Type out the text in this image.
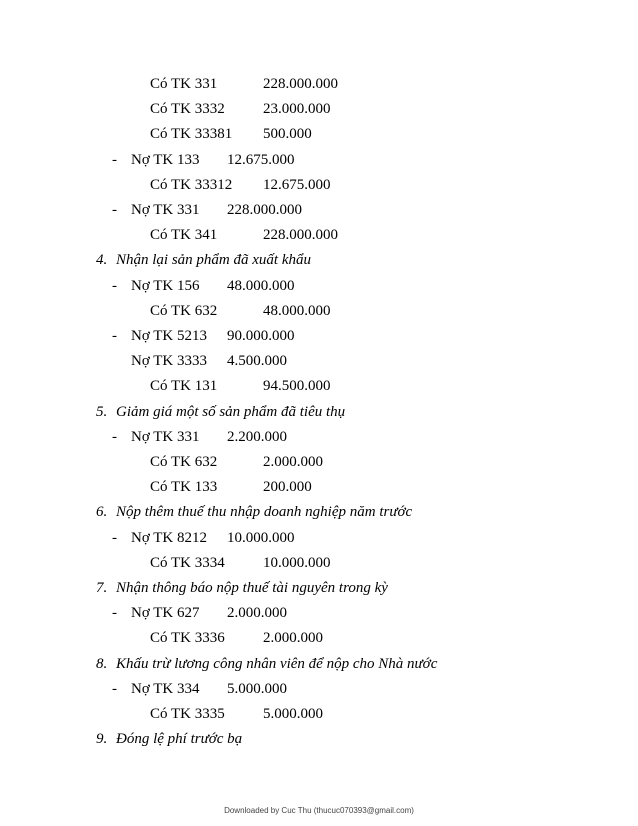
Có TK 331	228.000.000
Có TK 3332	23.000.000
Có TK 33381 500.000
- Nợ TK 133 12.675.000
Có TK 33312 12.675.000
- Nợ TK 331 228.000.000
Có TK 341	228.000.000
4. Nhận lại sản phẩm đã xuất khẩu
- Nợ TK 156 48.000.000
Có TK 632	48.000.000
- Nợ TK 5213 90.000.000
Nợ TK 3333 4.500.000
Có TK 131	94.500.000
5. Giảm giá một số sản phẩm đã tiêu thụ
- Nợ TK 331 2.200.000
Có TK 632	2.000.000
Có TK 133	200.000
6. Nộp thêm thuế thu nhập doanh nghiệp năm trước
- Nợ TK 8212 10.000.000
Có TK 3334	10.000.000
7. Nhận thông báo nộp thuế tài nguyên trong kỳ
- Nợ TK 627 2.000.000
Có TK 3336	2.000.000
8. Khấu trừ lương công nhân viên để nộp cho Nhà nước
- Nợ TK 334 5.000.000
Có TK 3335	5.000.000
9. Đóng lệ phí trước bạ
Downloaded by Cuc Thu (thucuc070393@gmail.com)
